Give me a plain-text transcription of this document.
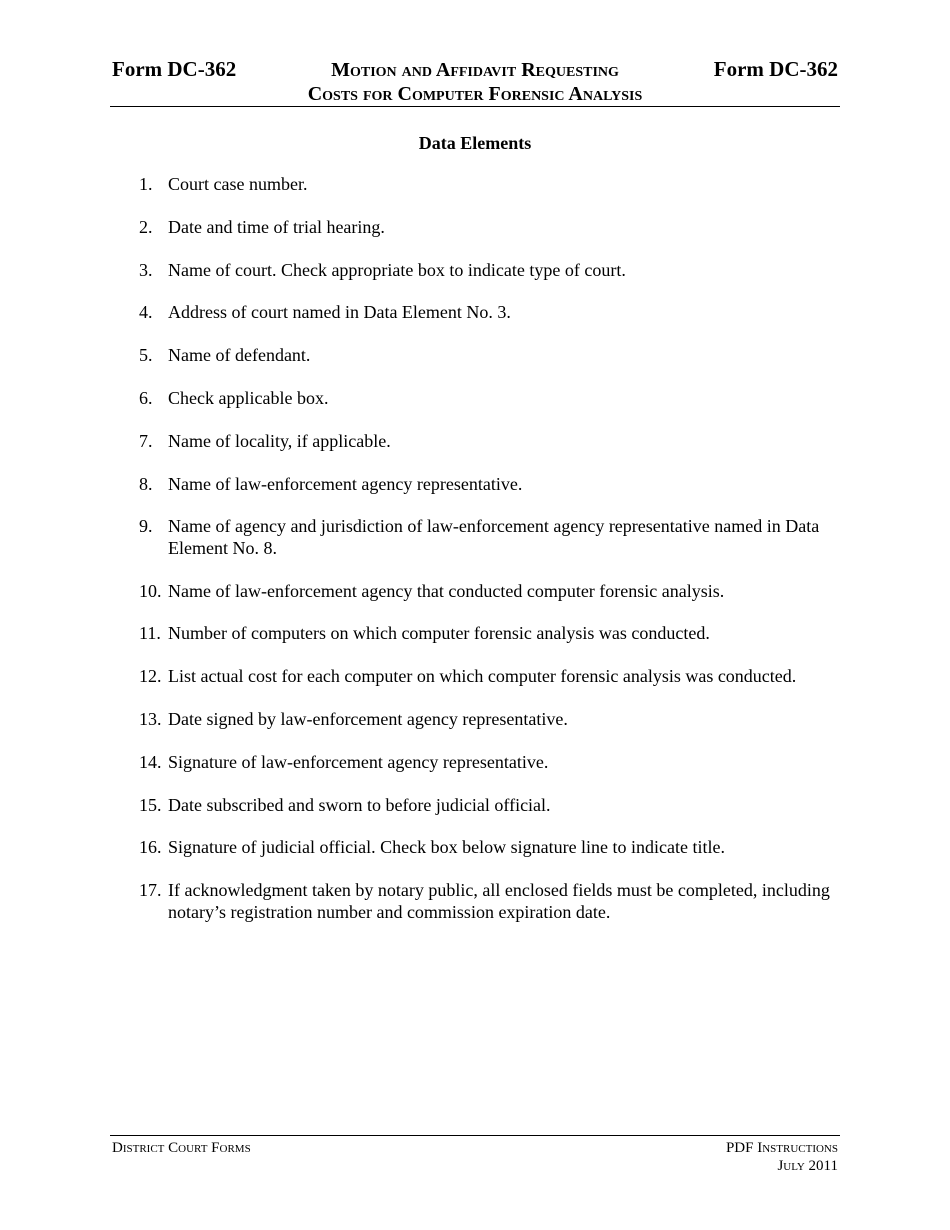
Form DC-362	Motion and Affidavit Requesting
Costs for Computer Forensic Analysis
Form DC-362
Data Elements
1. Court case number.
2. Date and time of trial hearing.
3. Name of court. Check appropriate box to indicate type of court.
4. Address of court named in Data Element No. 3.
5. Name of defendant.
6. Check applicable box.
7. Name of locality, if applicable.
8. Name of law-enforcement agency representative.
9. Name of agency and jurisdiction of law-enforcement agency representative named in Data Element No. 8.
10. Name of law-enforcement agency that conducted computer forensic analysis.
11. Number of computers on which computer forensic analysis was conducted.
12. List actual cost for each computer on which computer forensic analysis was conducted.
13. Date signed by law-enforcement agency representative.
14. Signature of law-enforcement agency representative.
15. Date subscribed and sworn to before judicial official.
16. Signature of judicial official. Check box below signature line to indicate title.
17. If acknowledgment taken by notary public, all enclosed fields must be completed, including notary’s registration number and commission expiration date.
District Court Forms	PDF Instructions
July 2011
